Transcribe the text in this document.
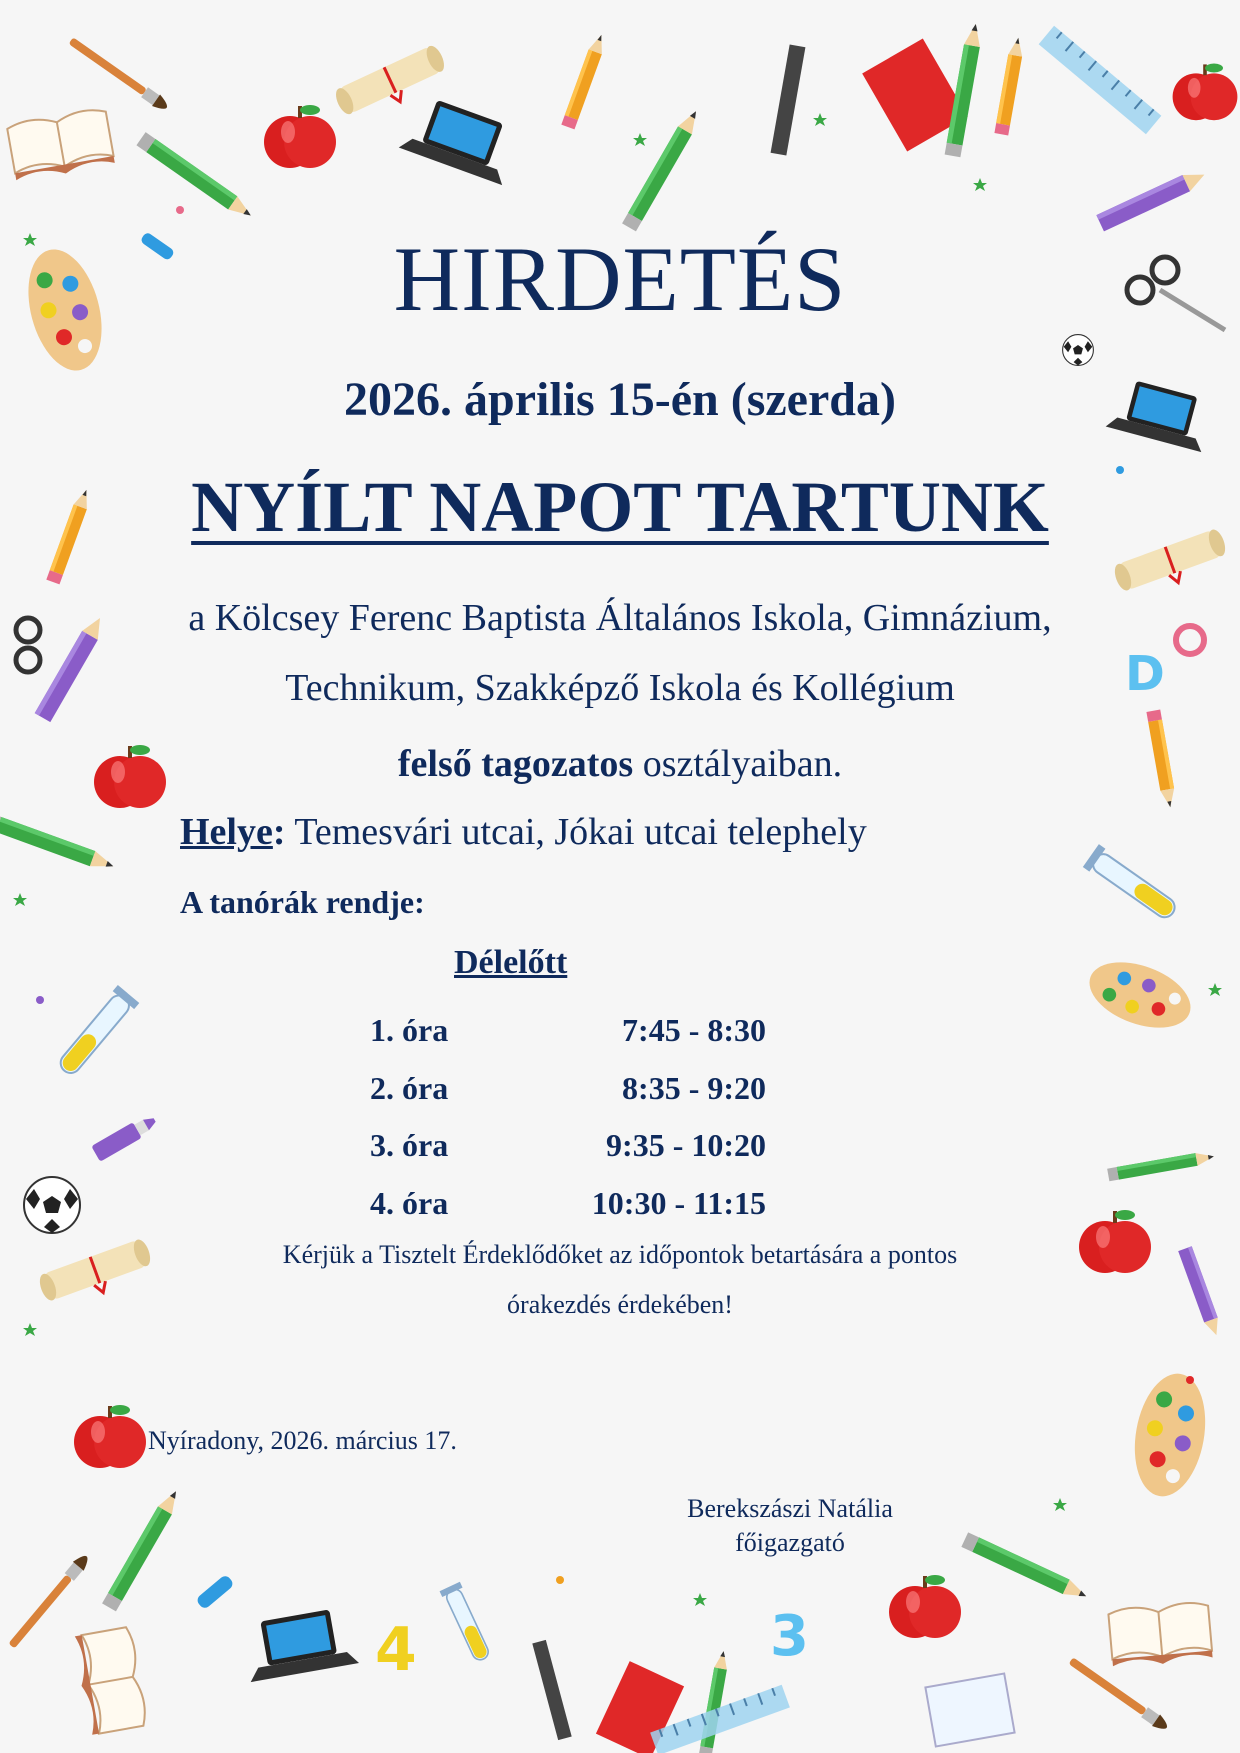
D
4	3
HIRDETÉS
2026. április 15-én (szerda)
NYÍLT NAPOT TARTUNK
a Kölcsey Ferenc Baptista Általános Iskola, Gimnázium,
Technikum, Szakképző Iskola és Kollégium
felső tagozatos osztályaiban.
Helye: Temesvári utcai, Jókai utcai telephely
A tanórák rendje:
Délelőtt
1. óra	7:45 - 8:30
2. óra	8:35 - 9:20
3. óra	9:35 - 10:20
4. óra	10:30 - 11:15
Kérjük a Tisztelt Érdeklődőket az időpontok betartására a pontos
órakezdés érdekében!
Nyíradony, 2026. március 17.
Berekszászi Natália
főigazgató
